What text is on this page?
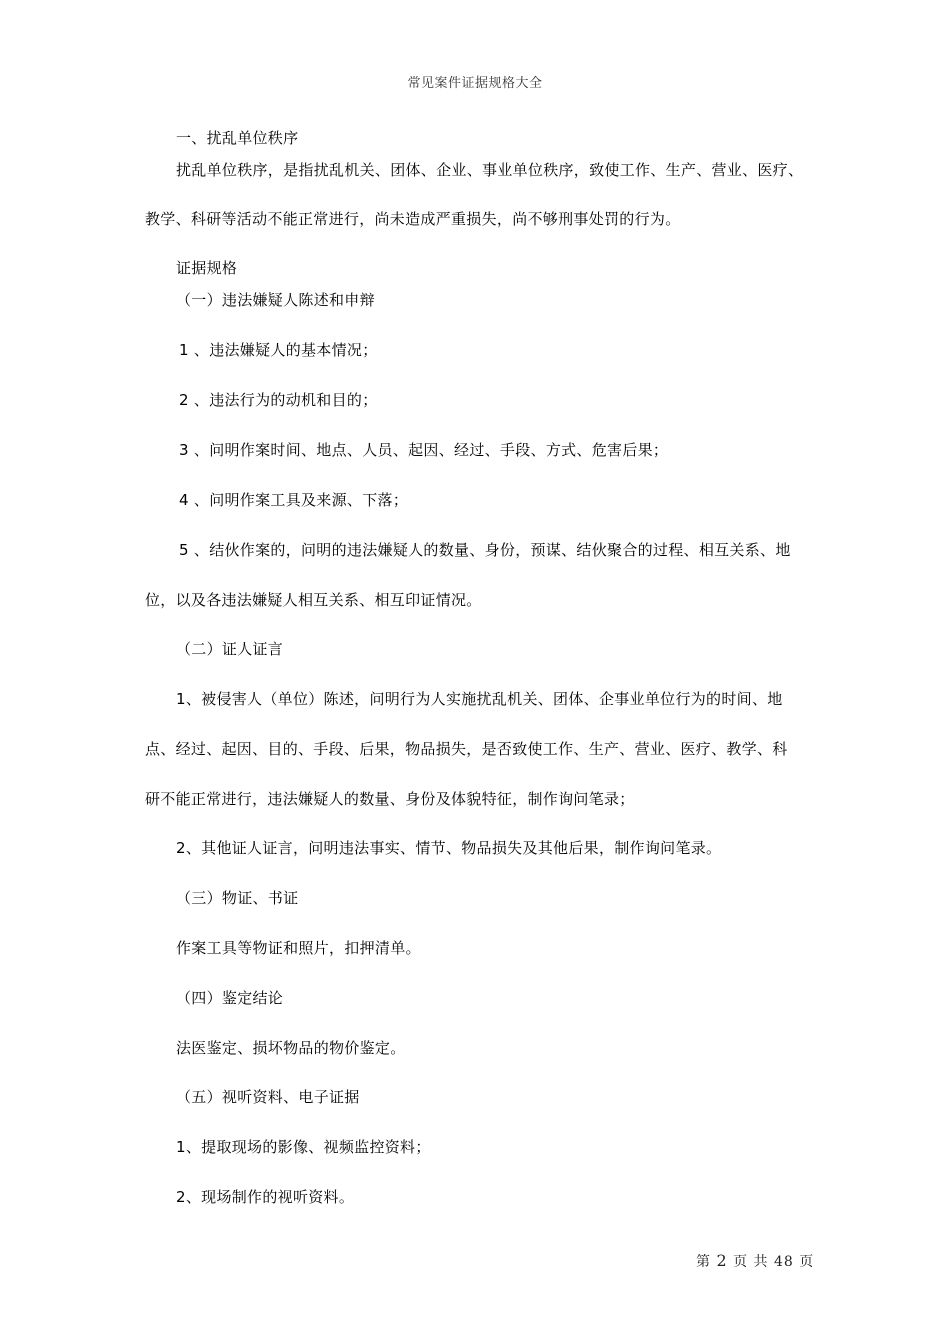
常见案件证据规格大全
一、扰乱单位秩序
扰乱单位秩序，是指扰乱机关、团体、企业、事业单位秩序，致使工作、生产、营业、医疗、
教学、科研等活动不能正常进行，尚未造成严重损失，尚不够刑事处罚的行为。
证据规格
（一）违法嫌疑人陈述和申辩
1 、违法嫌疑人的基本情况；
2 、违法行为的动机和目的；
3 、问明作案时间、地点、人员、起因、经过、手段、方式、危害后果；
4 、问明作案工具及来源、下落；
5 、结伙作案的，问明的违法嫌疑人的数量、身份，预谋、结伙聚合的过程、相互关系、地
位，以及各违法嫌疑人相互关系、相互印证情况。
（二）证人证言
1、被侵害人（单位）陈述，问明行为人实施扰乱机关、团体、企事业单位行为的时间、地
点、经过、起因、目的、手段、后果，物品损失，是否致使工作、生产、营业、医疗、教学、科
研不能正常进行，违法嫌疑人的数量、身份及体貌特征，制作询问笔录；
2、其他证人证言，问明违法事实、情节、物品损失及其他后果，制作询问笔录。
（三）物证、书证
作案工具等物证和照片，扣押清单。
（四）鉴定结论
法医鉴定、损坏物品的物价鉴定。
（五）视听资料、电子证据
1、提取现场的影像、视频监控资料；
2、现场制作的视听资料。
第 2 页 共 48 页
